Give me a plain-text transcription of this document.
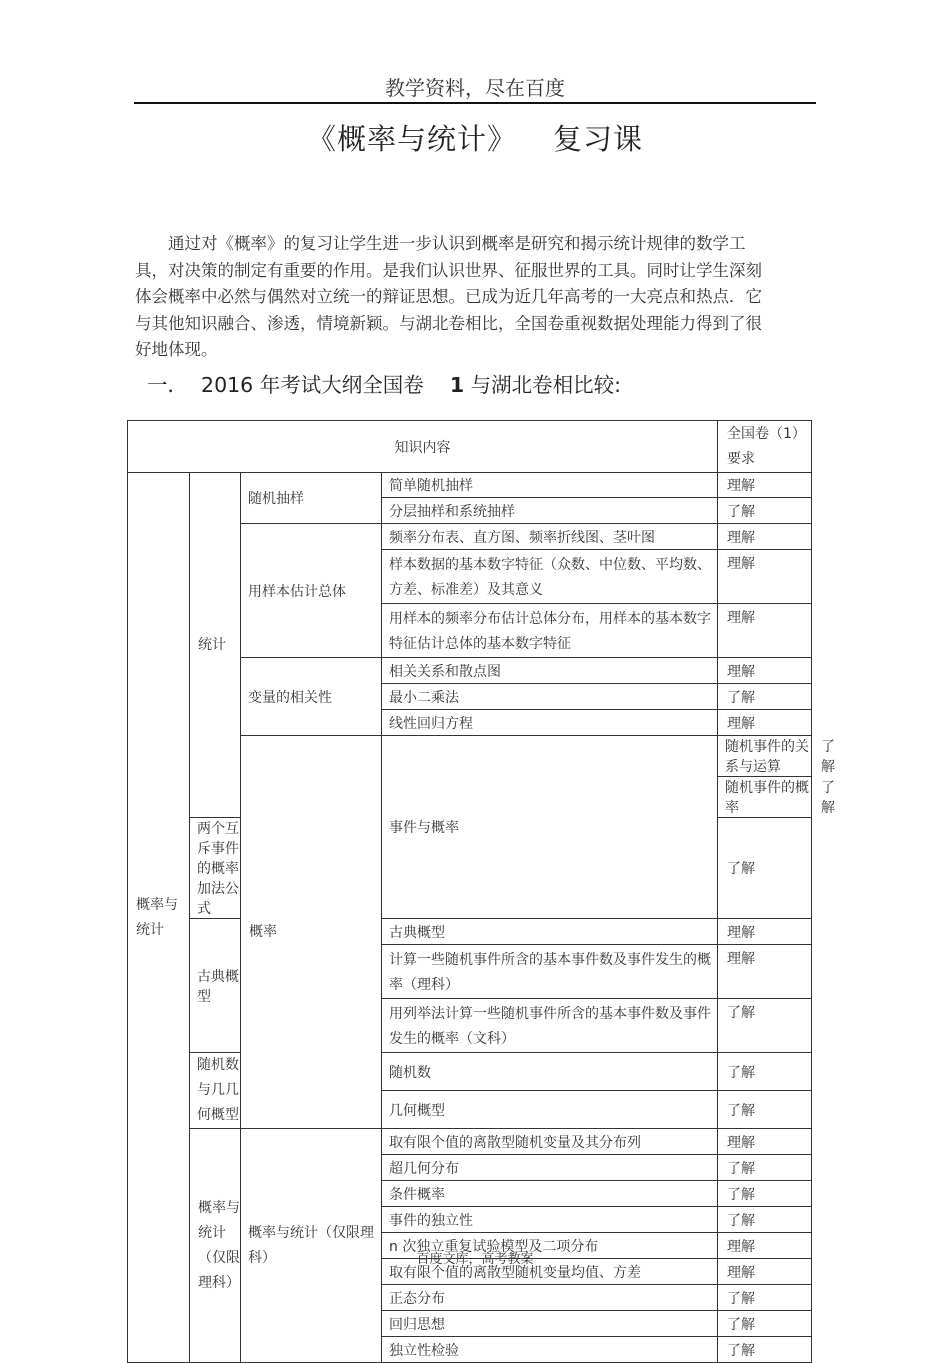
教学资料，尽在百度
《概率与统计》 复习课

通过对《概率》的复习让学生进一步认识到概率是研究和揭示统计规律的数学工具，对决策的制定有重要的作用。是我们认识世界、征服世界的工具。同时让学生深刻体会概率中必然与偶然对立统一的辩证思想。已成为近几年高考的一大亮点和热点．它与其他知识融合、渗透，情境新颖。与湖北卷相比，全国卷重视数据处理能力得到了很好地体现。

一． 2016 年考试大纲全国卷 1 与湖北卷相比较:
知识内容				全国卷（1）要求	
概率与统计	统计	随机抽样	简单随机抽样	理解	
			分层抽样和系统抽样	了解	
		用样本估计总体	频率分布表、直方图、频率折线图、茎叶图	理解	
			样本数据的基本数字特征（众数、中位数、平均数、方差、标准差）及其意义	理解	
			用样本的频率分布估计总体分布，用样本的基本数字特征估计总体的基本数字特征	理解	
		变量的相关性	相关关系和散点图	理解	
			最小二乘法	了解	
			线性回归方程	理解	
		概率	事件与概率	随机事件的关系与运算	了解
				随机事件的概率	了解
	两个互斥事件的概率加法公式			了解	
	古典概型		古典概型	理解	
			计算一些随机事件所含的基本事件数及事件发生的概率（理科）	理解	
			用列举法计算一些随机事件所含的基本事件数及事件发生的概率（文科）	了解	
	随机数与几几何概型		随机数	了解	
			几何概型	了解	
	概率与统计（仅限理科）	概率与统计（仅限理科）	取有限个值的离散型随机变量及其分布列	理解	
			超几何分布	了解	
			条件概率	了解	
			事件的独立性	了解	
			n 次独立重复试验模型及二项分布	理解	
			取有限个值的离散型随机变量均值、方差	理解	
			正态分布	了解	
			回归思想	了解	
			独立性检验	了解	
百度文库，高考教案
